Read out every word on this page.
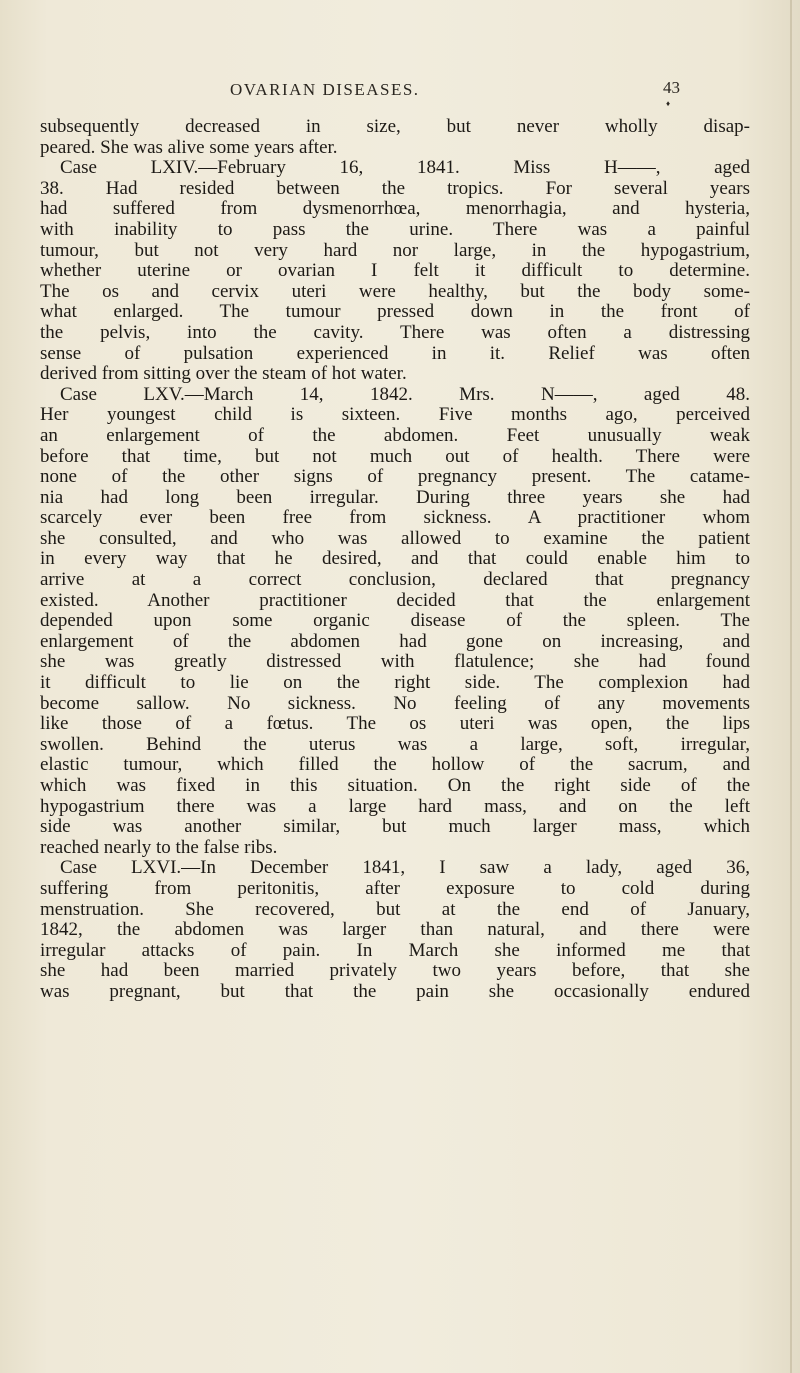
OVARIAN DISEASES.	43
♦
subsequently decreased in size, but never wholly disap-
peared. She was alive some years after.
Case LXIV.—February 16, 1841. Miss H——, aged
38. Had resided between the tropics. For several years
had suffered from dysmenorrhœa, menorrhagia, and hysteria,
with inability to pass the urine. There was a painful
tumour, but not very hard nor large, in the hypogastrium,
whether uterine or ovarian I felt it difficult to determine.
The os and cervix uteri were healthy, but the body some-
what enlarged. The tumour pressed down in the front of
the pelvis, into the cavity. There was often a distressing
sense of pulsation experienced in it. Relief was often
derived from sitting over the steam of hot water.
Case LXV.—March 14, 1842. Mrs. N——, aged 48.
Her youngest child is sixteen. Five months ago, perceived
an enlargement of the abdomen. Feet unusually weak
before that time, but not much out of health. There were
none of the other signs of pregnancy present. The catame-
nia had long been irregular. During three years she had
scarcely ever been free from sickness. A practitioner whom
she consulted, and who was allowed to examine the patient
in every way that he desired, and that could enable him to
arrive at a correct conclusion, declared that pregnancy
existed. Another practitioner decided that the enlargement
depended upon some organic disease of the spleen. The
enlargement of the abdomen had gone on increasing, and
she was greatly distressed with flatulence; she had found
it difficult to lie on the right side. The complexion had
become sallow. No sickness. No feeling of any movements
like those of a fœtus. The os uteri was open, the lips
swollen. Behind the uterus was a large, soft, irregular,
elastic tumour, which filled the hollow of the sacrum, and
which was fixed in this situation. On the right side of the
hypogastrium there was a large hard mass, and on the left
side was another similar, but much larger mass, which
reached nearly to the false ribs.
Case LXVI.—In December 1841, I saw a lady, aged 36,
suffering from peritonitis, after exposure to cold during
menstruation. She recovered, but at the end of January,
1842, the abdomen was larger than natural, and there were
irregular attacks of pain. In March she informed me that
she had been married privately two years before, that she
was pregnant, but that the pain she occasionally endured
